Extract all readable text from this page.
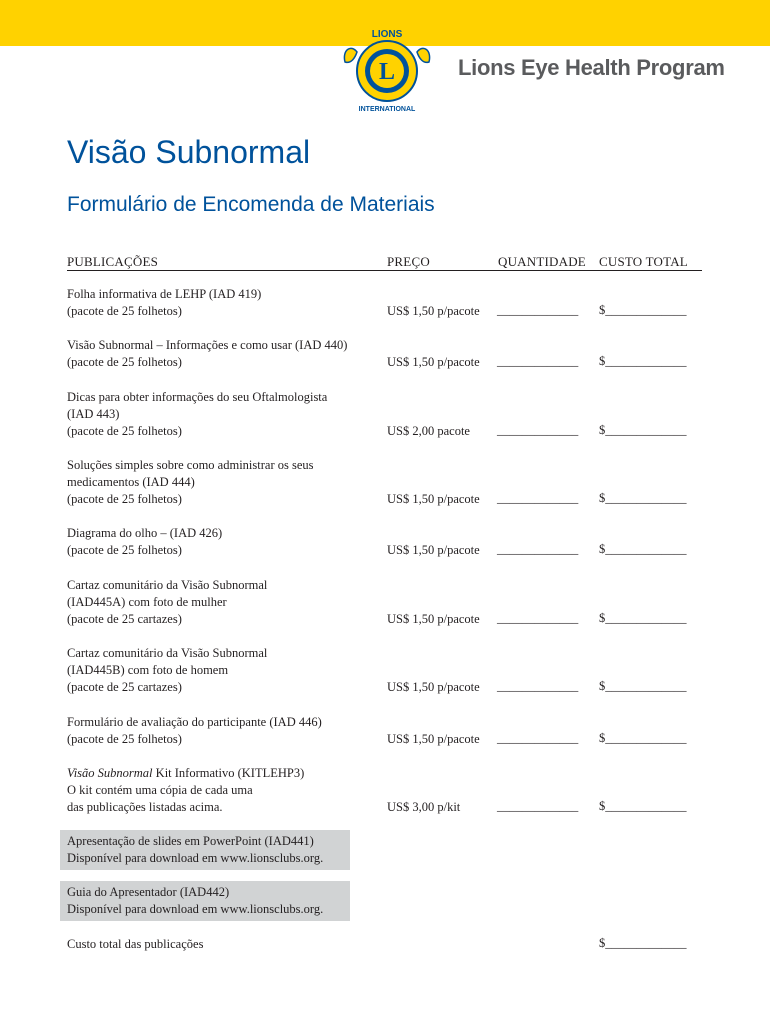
L
LIONS
INTERNATIONAL
Lions Eye Health Program
Visão Subnormal
Formulário de Encomenda de Materiais
PUBLICAÇÕES	PREÇO	QUANTIDADE CUSTO TOTAL
Folha informativa de LEHP (IAD 419)
(pacote de 25 folhetos)	US$ 1,50 p/pacote _____________ $_____________
Visão Subnormal – Informações e como usar (IAD 440)
(pacote de 25 folhetos)	US$ 1,50 p/pacote _____________ $_____________
Dicas para obter informações do seu Oftalmologista
(IAD 443)
(pacote de 25 folhetos)	US$ 2,00 pacote _____________ $_____________
Soluções simples sobre como administrar os seus
medicamentos (IAD 444)
(pacote de 25 folhetos)	US$ 1,50 p/pacote _____________ $_____________
Diagrama do olho – (IAD 426)
(pacote de 25 folhetos)	US$ 1,50 p/pacote _____________ $_____________
Cartaz comunitário da Visão Subnormal
(IAD445A) com foto de mulher
(pacote de 25 cartazes)	US$ 1,50 p/pacote _____________ $_____________
Cartaz comunitário da Visão Subnormal
(IAD445B) com foto de homem
(pacote de 25 cartazes)	US$ 1,50 p/pacote _____________ $_____________
Formulário de avaliação do participante (IAD 446)
(pacote de 25 folhetos)	US$ 1,50 p/pacote _____________ $_____________
Visão Subnormal Kit Informativo (KITLEHP3)
O kit contém uma cópia de cada uma
das publicações listadas acima.	US$ 3,00 p/kit	_____________ $_____________
Apresentação de slides em PowerPoint (IAD441)
Disponível para download em www.lionsclubs.org.
Guia do Apresentador (IAD442)
Disponível para download em www.lionsclubs.org.
Custo total das publicações	$_____________
